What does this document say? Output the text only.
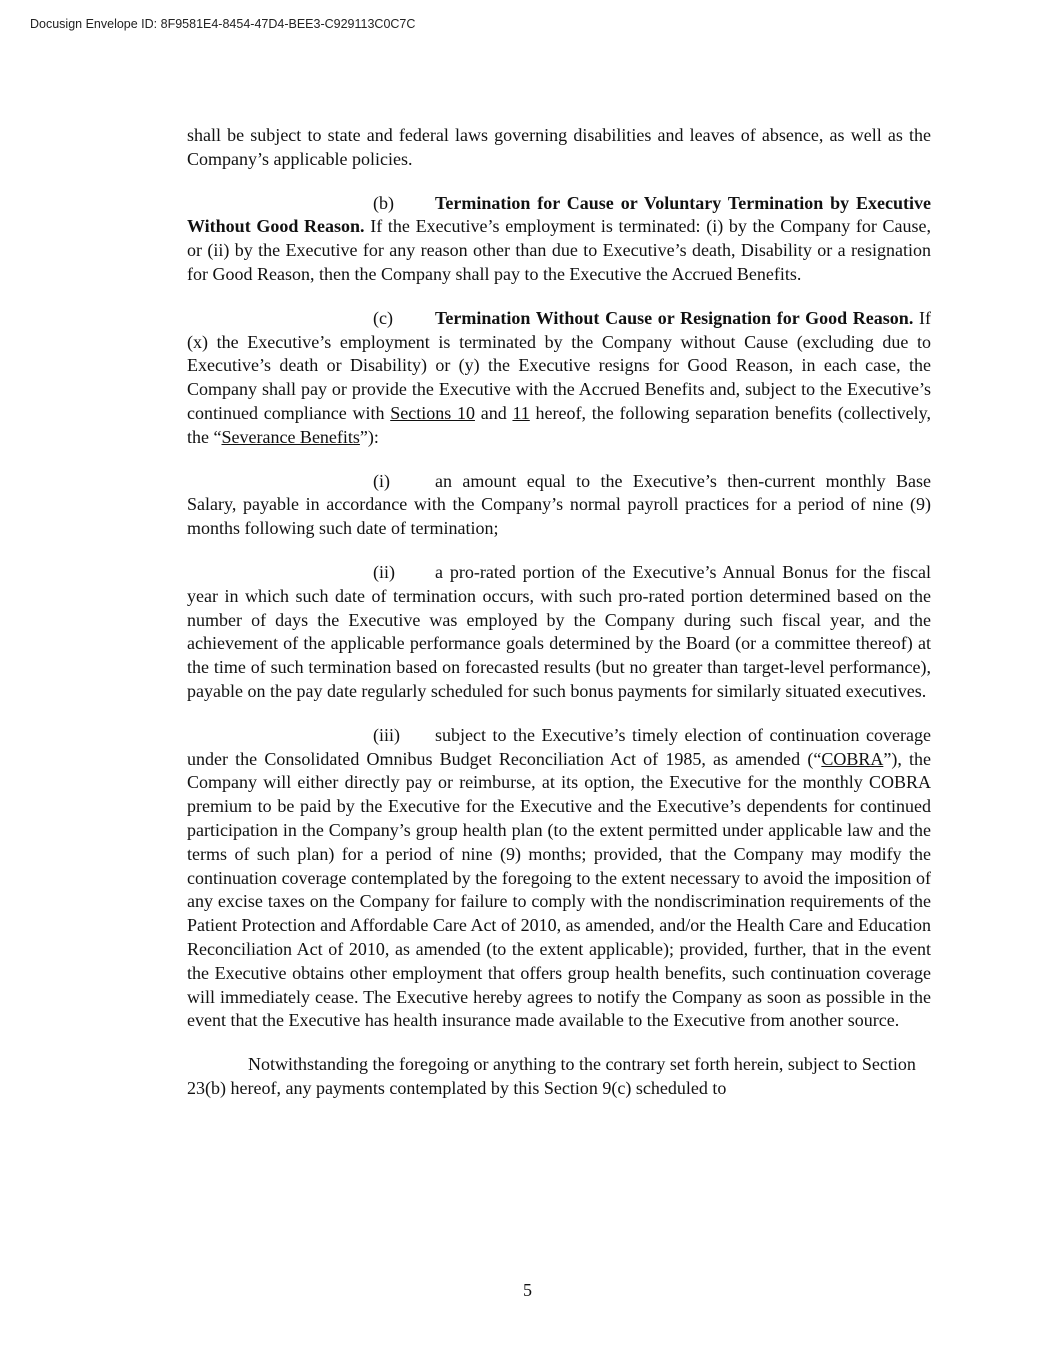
Docusign Envelope ID: 8F9581E4-8454-47D4-BEE3-C929113C0C7C

shall be subject to state and federal laws governing disabilities and leaves of absence, as well as the Company’s applicable policies.

(b) Termination for Cause or Voluntary Termination by Executive Without Good Reason. If the Executive’s employment is terminated: (i) by the Company for Cause, or (ii) by the Executive for any reason other than due to Executive’s death, Disability or a resignation for Good Reason, then the Company shall pay to the Executive the Accrued Benefits.

(c) Termination Without Cause or Resignation for Good Reason. If (x) the Executive’s employment is terminated by the Company without Cause (excluding due to Executive’s death or Disability) or (y) the Executive resigns for Good Reason, in each case, the Company shall pay or provide the Executive with the Accrued Benefits and, subject to the Executive’s continued compliance with Sections 10 and 11 hereof, the following separation benefits (collectively, the “Severance Benefits”):

(i)	an amount equal to the Executive’s then-current monthly Base Salary, payable in accordance with the Company’s normal payroll practices for a period of nine (9) months following such date of termination;

(ii) a pro-rated portion of the Executive’s Annual Bonus for the fiscal year in which such date of termination occurs, with such pro-rated portion determined based on the number of days the Executive was employed by the Company during such fiscal year, and the achievement of the applicable performance goals determined by the Board (or a committee thereof) at the time of such termination based on forecasted results (but no greater than target-level performance), payable on the pay date regularly scheduled for such bonus payments for similarly situated executives.

(iii) subject to the Executive’s timely election of continuation coverage under the Consolidated Omnibus Budget Reconciliation Act of 1985, as amended (“COBRA”), the Company will either directly pay or reimburse, at its option, the Executive for the monthly COBRA premium to be paid by the Executive for the Executive and the Executive’s dependents for continued participation in the Company’s group health plan (to the extent permitted under applicable law and the terms of such plan) for a period of nine (9) months; provided, that the Company may modify the continuation coverage contemplated by the foregoing to the extent necessary to avoid the imposition of any excise taxes on the Company for failure to comply with the nondiscrimination requirements of the Patient Protection and Affordable Care Act of 2010, as amended, and/or the Health Care and Education Reconciliation Act of 2010, as amended (to the extent applicable); provided, further, that in the event the Executive obtains other employment that offers group health benefits, such continuation coverage will immediately cease. The Executive hereby agrees to notify the Company as soon as possible in the event that the Executive has health insurance made available to the Executive from another source.

Notwithstanding the foregoing or anything to the contrary set forth herein, subject to Section 23(b) hereof, any payments contemplated by this Section 9(c) scheduled to

5
